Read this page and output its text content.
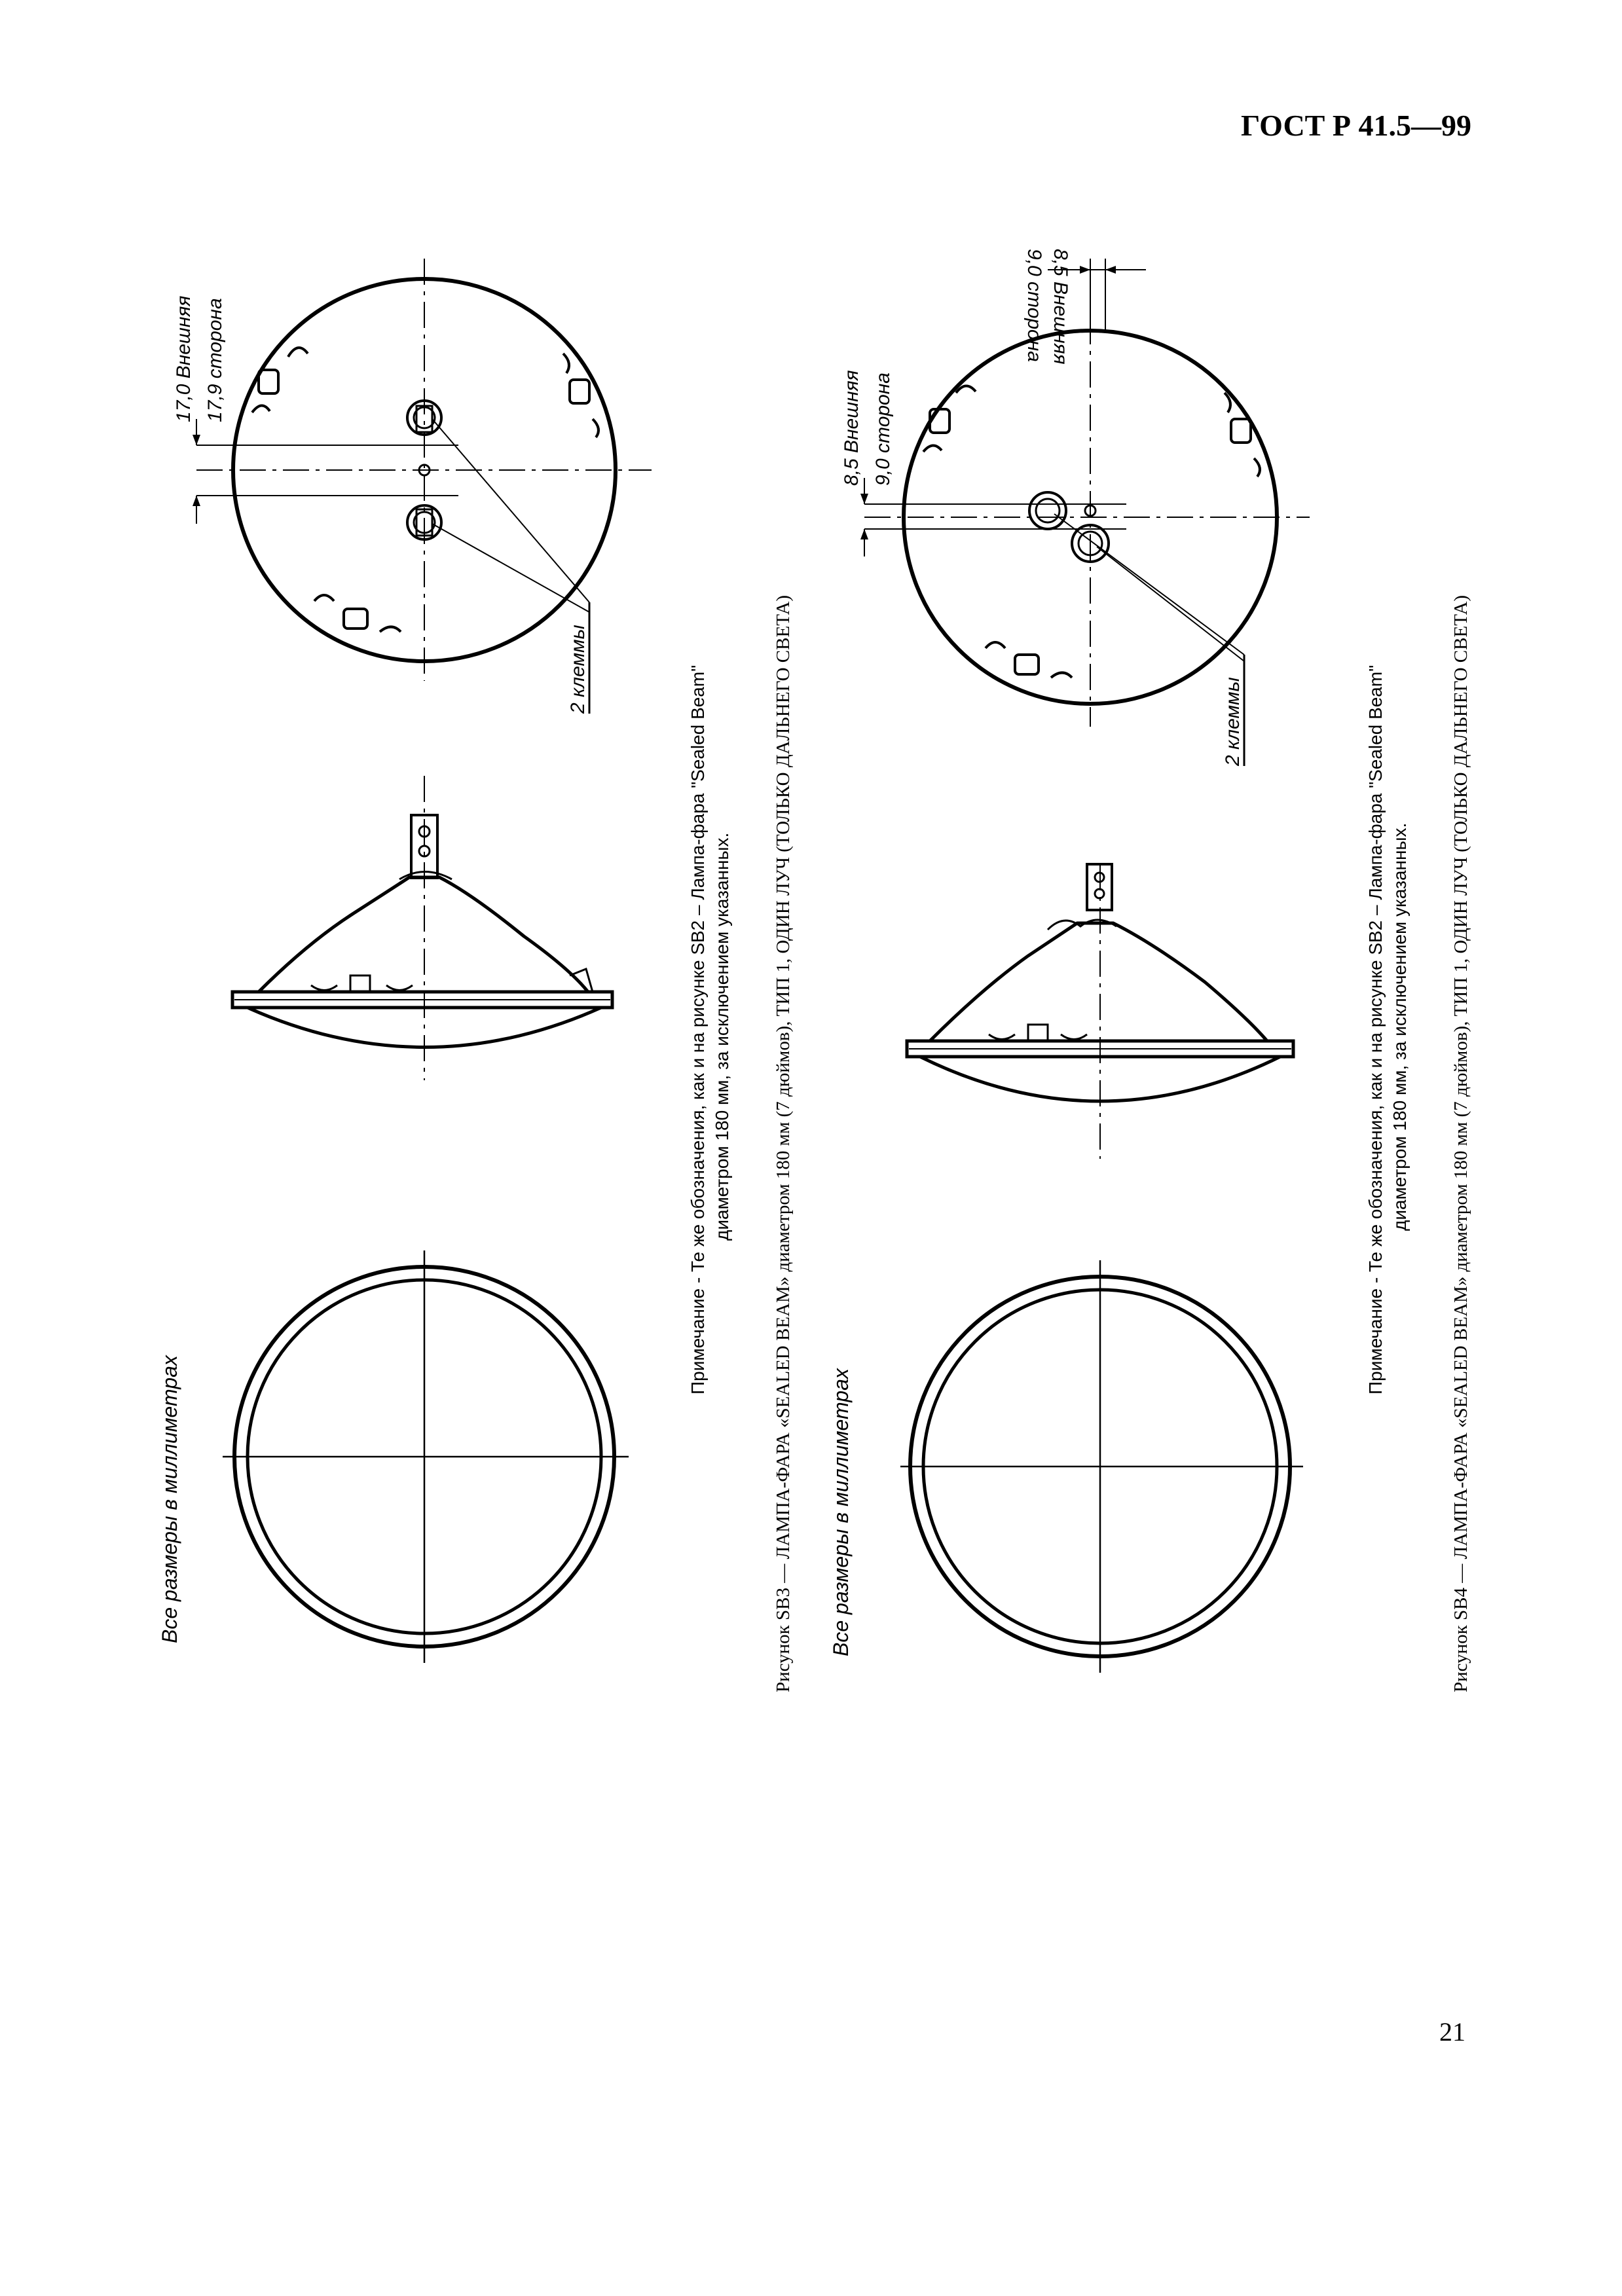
ГОСТ Р 41.5—99
21
Все размеры в миллиметрах
17,0 Внешняя 17,9 сторона
2 клеммы	Примечание - Те же обозначения, как и на рисунке SB2 – Лампа-фара "Sealed Beam" диаметром 180 мм, за исключением указанных. Рисунок SB3 — ЛАМПА-ФАРА «SEALED BEAM» диаметром 180 мм (7 дюймов), ТИП 1, ОДИН ЛУЧ (ТОЛЬКО ДАЛЬНЕГО СВЕТА) Все размеры в миллиметрах
8,5 Внешняя
9,0 сторона
8,5 Внешняя 9,0 сторона
2 клеммы	Примечание - Те же обозначения, как и на рисунке SB2 – Лампа-фара "Sealed Beam" диаметром 180 мм, за исключением указанных. Рисунок SB4 — ЛАМПА-ФАРА «SEALED BEAM» диаметром 180 мм (7 дюймов), ТИП 1, ОДИН ЛУЧ (ТОЛЬКО ДАЛЬНЕГО СВЕТА)
